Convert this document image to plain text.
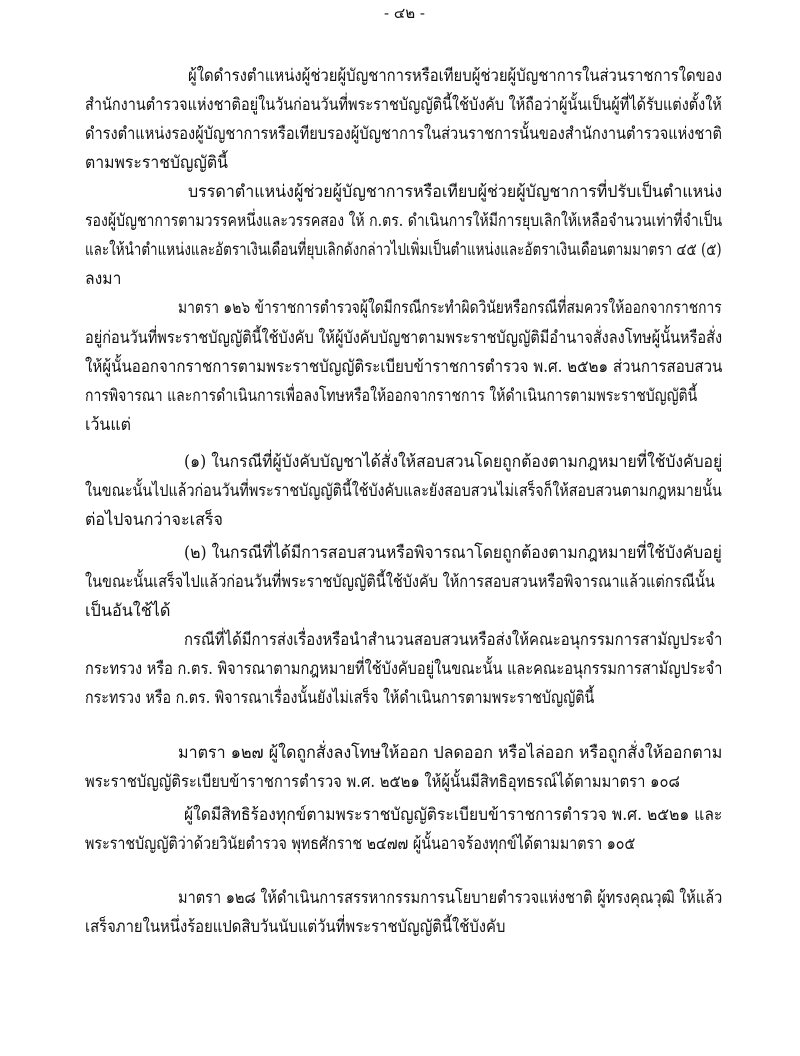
- ๔๒ -
ผู้ใดดำรงตำแหน่งผู้ช่วยผู้บัญชาการหรือเทียบผู้ช่วยผู้บัญชาการในส่วนราชการใดของ
สำนักงานตำรวจแห่งชาติอยู่ในวันก่อนวันที่พระราชบัญญัตินี้ใช้บังคับ ให้ถือว่าผู้นั้นเป็นผู้ที่ได้รับแต่งตั้งให้
ดำรงตำแหน่งรองผู้บัญชาการหรือเทียบรองผู้บัญชาการในส่วนราชการนั้นของสำนักงานตำรวจแห่งชาติ
ตามพระราชบัญญัตินี้
บรรดาตำแหน่งผู้ช่วยผู้บัญชาการหรือเทียบผู้ช่วยผู้บัญชาการที่ปรับเป็นตำแหน่ง
รองผู้บัญชาการตามวรรคหนึ่งและวรรคสอง ให้ ก.ตร. ดำเนินการให้มีการยุบเลิกให้เหลือจำนวนเท่าที่จำเป็น
และให้นำตำแหน่งและอัตราเงินเดือนที่ยุบเลิกดังกล่าวไปเพิ่มเป็นตำแหน่งและอัตราเงินเดือนตามมาตรา ๔๕ (๕)
ลงมา
มาตรา ๑๒๖ ข้าราชการตำรวจผู้ใดมีกรณีกระทำผิดวินัยหรือกรณีที่สมควรให้ออกจากราชการ
อยู่ก่อนวันที่พระราชบัญญัตินี้ใช้บังคับ ให้ผู้บังคับบัญชาตามพระราชบัญญัติมีอำนาจสั่งลงโทษผู้นั้นหรือสั่ง
ให้ผู้นั้นออกจากราชการตามพระราชบัญญัติระเบียบข้าราชการตำรวจ พ.ศ. ๒๕๒๑ ส่วนการสอบสวน
การพิจารณา และการดำเนินการเพื่อลงโทษหรือให้ออกจากราชการ ให้ดำเนินการตามพระราชบัญญัตินี้
เว้นแต่
(๑) ในกรณีที่ผู้บังคับบัญชาได้สั่งให้สอบสวนโดยถูกต้องตามกฎหมายที่ใช้บังคับอยู่
ในขณะนั้นไปแล้วก่อนวันที่พระราชบัญญัตินี้ใช้บังคับและยังสอบสวนไม่เสร็จก็ให้สอบสวนตามกฎหมายนั้น
ต่อไปจนกว่าจะเสร็จ
(๒) ในกรณีที่ได้มีการสอบสวนหรือพิจารณาโดยถูกต้องตามกฎหมายที่ใช้บังคับอยู่
ในขณะนั้นเสร็จไปแล้วก่อนวันที่พระราชบัญญัตินี้ใช้บังคับ ให้การสอบสวนหรือพิจารณาแล้วแต่กรณีนั้น
เป็นอันใช้ได้
กรณีที่ได้มีการส่งเรื่องหรือนำสำนวนสอบสวนหรือส่งให้คณะอนุกรรมการสามัญประจำ
กระทรวง หรือ ก.ตร. พิจารณาตามกฎหมายที่ใช้บังคับอยู่ในขณะนั้น และคณะอนุกรรมการสามัญประจำ
กระทรวง หรือ ก.ตร. พิจารณาเรื่องนั้นยังไม่เสร็จ ให้ดำเนินการตามพระราชบัญญัตินี้
มาตรา ๑๒๗ ผู้ใดถูกสั่งลงโทษให้ออก ปลดออก หรือไล่ออก หรือถูกสั่งให้ออกตาม
พระราชบัญญัติระเบียบข้าราชการตำรวจ พ.ศ. ๒๕๒๑ ให้ผู้นั้นมีสิทธิอุทธรณ์ได้ตามมาตรา ๑๐๘
ผู้ใดมีสิทธิร้องทุกข์ตามพระราชบัญญัติระเบียบข้าราชการตำรวจ พ.ศ. ๒๕๒๑ และ
พระราชบัญญัติว่าด้วยวินัยตำรวจ พุทธศักราช ๒๔๗๗ ผู้นั้นอาจร้องทุกข์ได้ตามมาตรา ๑๐๕
มาตรา ๑๒๘ ให้ดำเนินการสรรหากรรมการนโยบายตำรวจแห่งชาติ ผู้ทรงคุณวุฒิ ให้แล้ว
เสร็จภายในหนึ่งร้อยแปดสิบวันนับแต่วันที่พระราชบัญญัตินี้ใช้บังคับ
